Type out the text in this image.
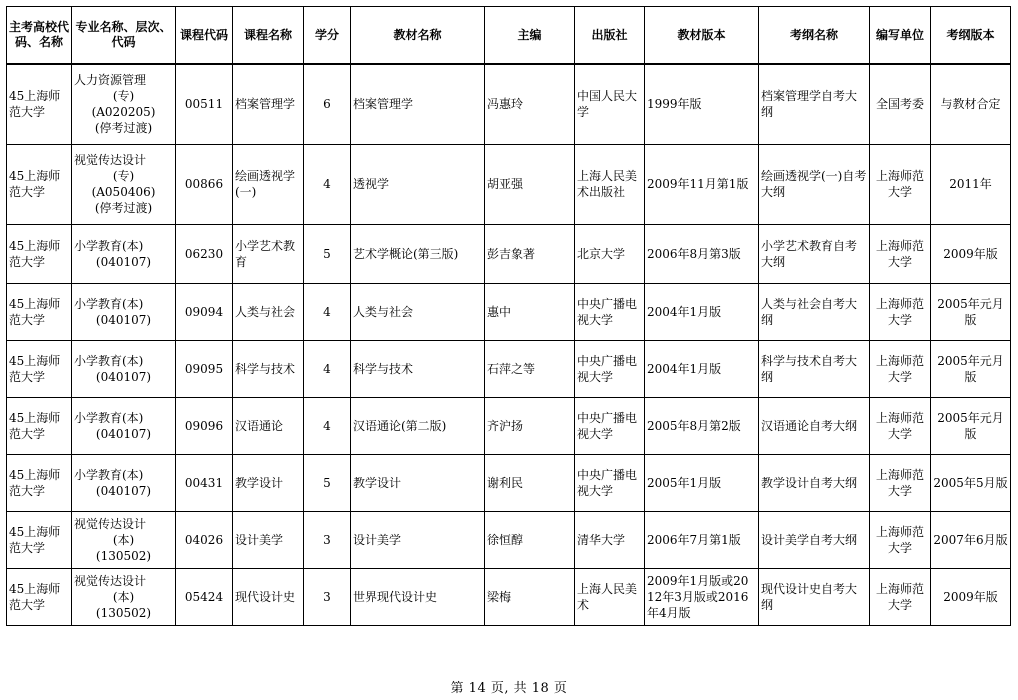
主考高校代码、名称	专业名称、层次、代码	课程代码	课程名称	学分	教材名称	主编	出版社	教材版本	考纲名称	编写单位	考纲版本
45上海师范大学	人力资源管理
(专)
(A020205)
(停考过渡)	00511	档案管理学	6	档案管理学	冯惠玲	中国人民大学	1999年版	档案管理学自考大纲	全国考委	与教材合定
45上海师范大学	视觉传达设计
(专)
(A050406)
(停考过渡)	00866	绘画透视学(一)	4	透视学	胡亚强	上海人民美术出版社	2009年11月第1版	绘画透视学(一)自考大纲	上海师范大学	2011年
45上海师范大学	小学教育(本)
(040107)	06230	小学艺术教育	5	艺术学概论(第三版)	彭吉象著	北京大学	2006年8月第3版	小学艺术教育自考大纲	上海师范大学	2009年版
45上海师范大学	小学教育(本)
(040107)	09094	人类与社会	4	人类与社会	惠中	中央广播电视大学	2004年1月版	人类与社会自考大纲	上海师范大学	2005年元月版
45上海师范大学	小学教育(本)
(040107)	09095	科学与技术	4	科学与技术	石萍之等	中央广播电视大学	2004年1月版	科学与技术自考大纲	上海师范大学	2005年元月版
45上海师范大学	小学教育(本)
(040107)	09096	汉语通论	4	汉语通论(第二版)	齐沪扬	中央广播电视大学	2005年8月第2版	汉语通论自考大纲	上海师范大学	2005年元月版
45上海师范大学	小学教育(本)
(040107)	00431	教学设计	5	教学设计	谢利民	中央广播电视大学	2005年1月版	教学设计自考大纲	上海师范大学	2005年5月版
45上海师范大学	视觉传达设计
(本)
(130502)	04026	设计美学	3	设计美学	徐恒醇	清华大学	2006年7月第1版	设计美学自考大纲	上海师范大学	2007年6月版
45上海师范大学	视觉传达设计
(本)
(130502)	05424	现代设计史	3	世界现代设计史	梁梅	上海人民美术	2009年1月版或2012年3月版或2016年4月版	现代设计史自考大纲	上海师范大学	2009年版
第 14 页, 共 18 页
